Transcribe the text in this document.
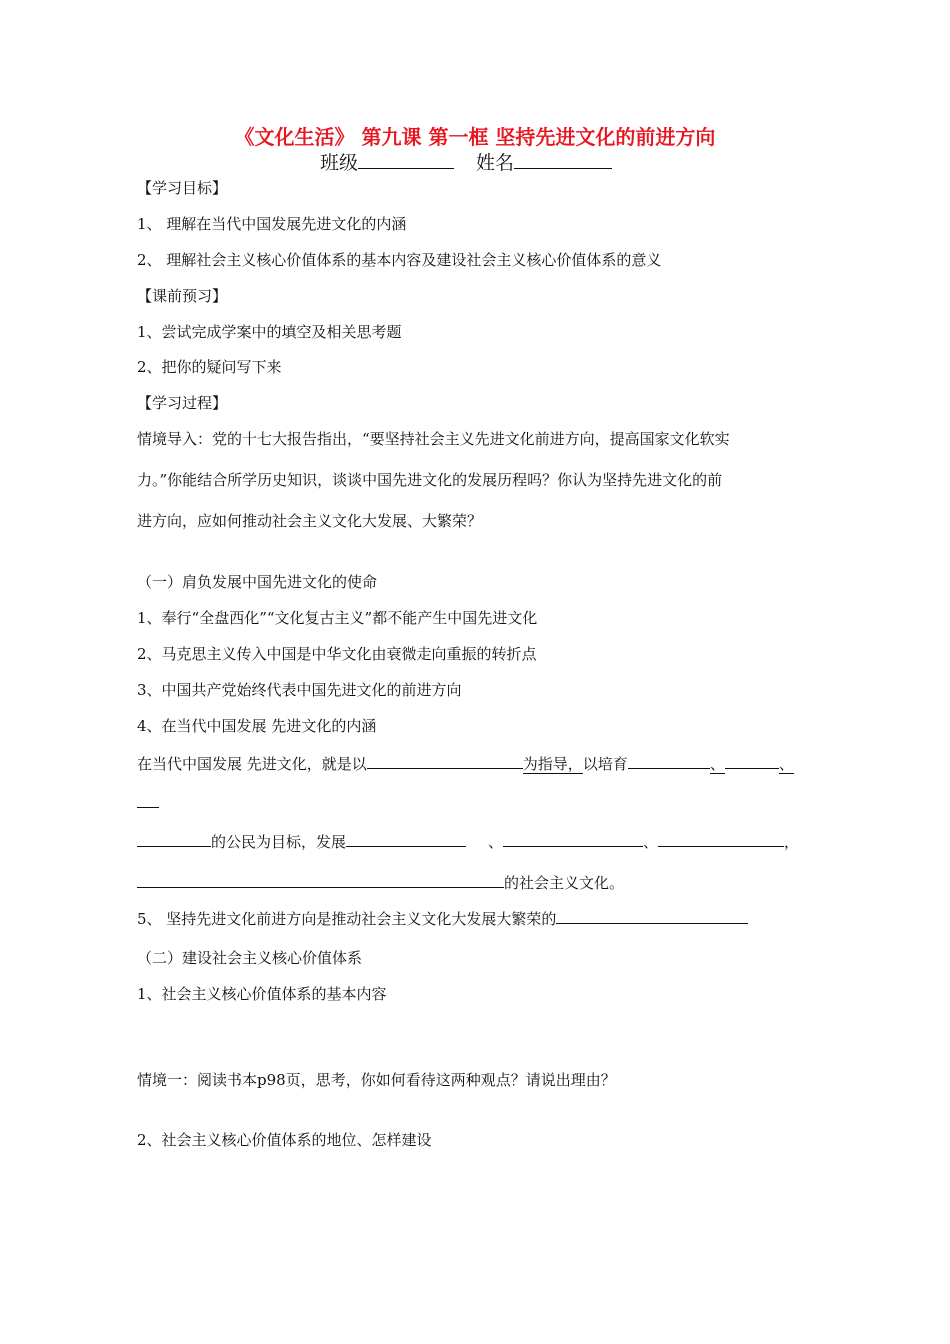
《文化生活》 第九课 第一框 坚持先进文化的前进方向
班级	姓名
【学习目标】
1、 理解在当代中国发展先进文化的内涵
2、 理解社会主义核心价值体系的基本内容及建设社会主义核心价值体系的意义
【课前预习】
1、尝试完成学案中的填空及相关思考题
2、把你的疑问写下来
【学习过程】
情境导入：党的十七大报告指出，“要坚持社会主义先进文化前进方向，提高国家文化软实
力。”你能结合所学历史知识，谈谈中国先进文化的发展历程吗？你认为坚持先进文化的前
进方向，应如何推动社会主义文化大发展、大繁荣？
（一）肩负发展中国先进文化的使命
1、奉行“全盘西化”“文化复古主义”都不能产生中国先进文化
2、马克思主义传入中国是中华文化由衰微走向重振的转折点
3、中国共产党始终代表中国先进文化的前进方向
4、在当代中国发展 先进文化的内涵
在当代中国发展 先进文化，就是以	为指导，以培育	、	、
的公民为目标，发展	、	、	，
的社会主义文化。
5、 坚持先进文化前进方向是推动社会主义文化大发展大繁荣的
（二）建设社会主义核心价值体系
1、社会主义核心价值体系的基本内容
情境一：阅读书本p98页，思考，你如何看待这两种观点？请说出理由？
2、社会主义核心价值体系的地位、怎样建设
